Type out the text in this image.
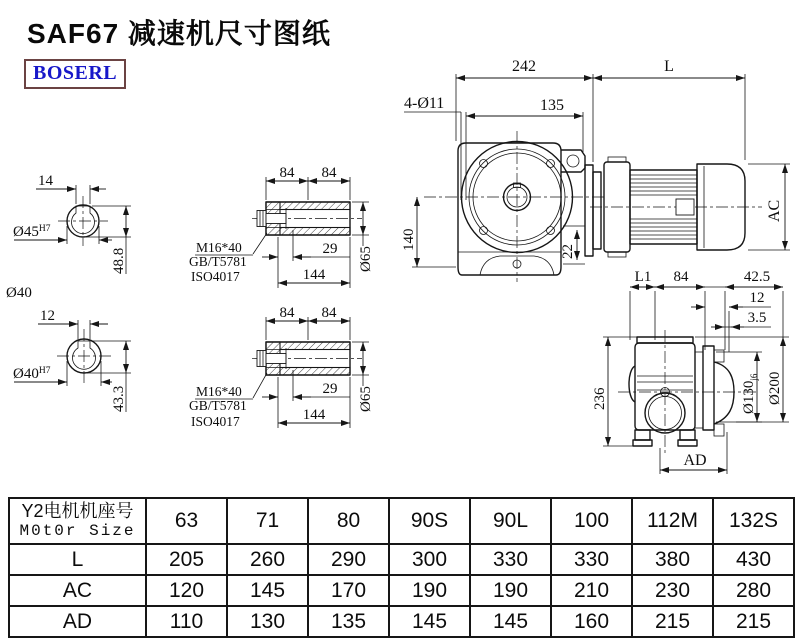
SAF67 减速机尺寸图纸
BOSERL
14
$Ø45^{H7}$
48.8
Ø40
12
$Ø40^{H7}$
43.3
84 84
29
144
Ø65
M16*40
GB/T5781
ISO4017
84 84
29
144
Ø65
M16*40
GB/T5781
ISO4017
22
140
AC
242	L
135
4-Ø11
L1 84	42.5
12
3.5
236	$Ø130_{j6}$ Ø200
AD
Y2电机机座号
M0t0r Size	63	71	80	90S	90L	100	112M	132S
L	205	260	290	300	330	330	380	430
AC	120	145	170	190	190	210	230	280
AD	110	130	135	145	145	160	215	215
